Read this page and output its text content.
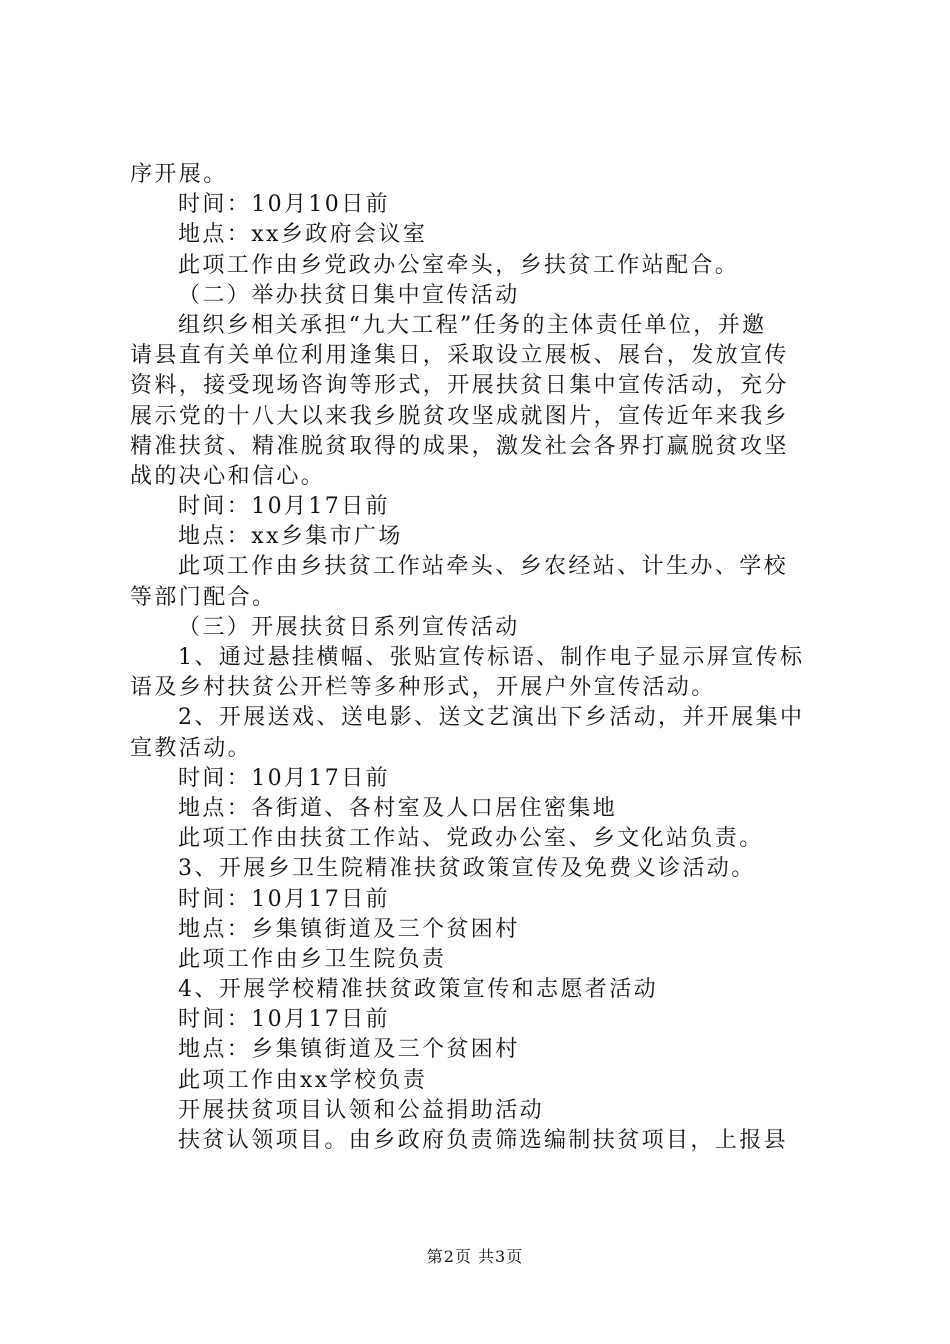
序开展。
时间：10月10日前
地点：xx乡政府会议室
此项工作由乡党政办公室牵头，乡扶贫工作站配合。
（二）举办扶贫日集中宣传活动
组织乡相关承担“九大工程”任务的主体责任单位，并邀
请县直有关单位利用逢集日，采取设立展板、展台，发放宣传
资料，接受现场咨询等形式，开展扶贫日集中宣传活动，充分
展示党的十八大以来我乡脱贫攻坚成就图片，宣传近年来我乡
精准扶贫、精准脱贫取得的成果，激发社会各界打赢脱贫攻坚
战的决心和信心。
时间：10月17日前
地点：xx乡集市广场
此项工作由乡扶贫工作站牵头、乡农经站、计生办、学校
等部门配合。
（三）开展扶贫日系列宣传活动
1、通过悬挂横幅、张贴宣传标语、制作电子显示屏宣传标
语及乡村扶贫公开栏等多种形式，开展户外宣传活动。
2、开展送戏、送电影、送文艺演出下乡活动，并开展集中
宣教活动。
时间：10月17日前
地点：各街道、各村室及人口居住密集地
此项工作由扶贫工作站、党政办公室、乡文化站负责。
3、开展乡卫生院精准扶贫政策宣传及免费义诊活动。
时间：10月17日前
地点：乡集镇街道及三个贫困村
此项工作由乡卫生院负责
4、开展学校精准扶贫政策宣传和志愿者活动
时间：10月17日前
地点：乡集镇街道及三个贫困村
此项工作由xx学校负责
开展扶贫项目认领和公益捐助活动
扶贫认领项目。由乡政府负责筛选编制扶贫项目，上报县
第2页 共3页
